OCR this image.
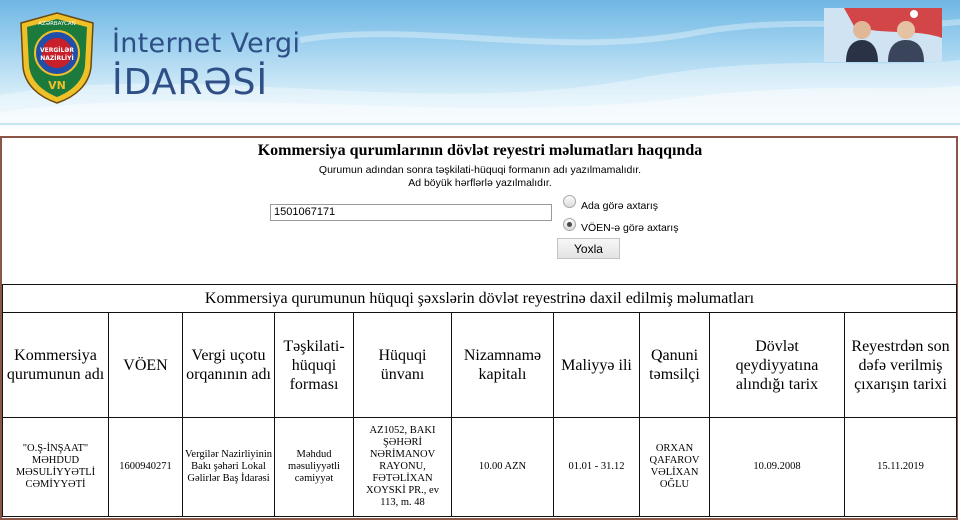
AZƏRBAYCAN
VERGİLƏR
NAZİRLİYİ
VN
İnternet Vergi
İDARƏSİ
Kommersiya qurumlarının dövlət reyestri məlumatları haqqında
Qurumun adından sonra təşkilati-hüquqi formanın adı yazılmamalıdır.
Ad böyük hərflərlə yazılmalıdır.
1501067171	Ada görə axtarış
VÖEN-ə görə axtarış
Yoxla
Kommersiya qurumunun hüquqi şəxslərin dövlət reyestrinə daxil edilmiş məlumatları									
Kommersiya qurumunun adı	VÖEN	Vergi uçotu orqanının adı	Təşkilati-hüquqi forması	Hüquqi ünvanı	Nizamnamə kapitalı	Maliyyə ili	Qanuni təmsilçi	Dövlət qeydiyyatına alındığı tarix	Reyestrdən son dəfə verilmiş çıxarışın tarixi
"O.Ş-İNŞAAT" MƏHDUD MƏSULİYYƏTLİ CƏMİYYƏTİ	1600940271	Vergilər Nazirliyinin Bakı şəhəri Lokal Gəlirlər Baş İdarəsi	Məhdud məsuliyyətli cəmiyyət	AZ1052, BAKI ŞƏHƏRİ NƏRİMANOV RAYONU, FƏTƏLİXAN XOYSKİ PR., ev 113, m. 48	10.00 AZN	01.01 - 31.12	ORXAN QAFAROV VƏLİXAN OĞLU	10.09.2008	15.11.2019
